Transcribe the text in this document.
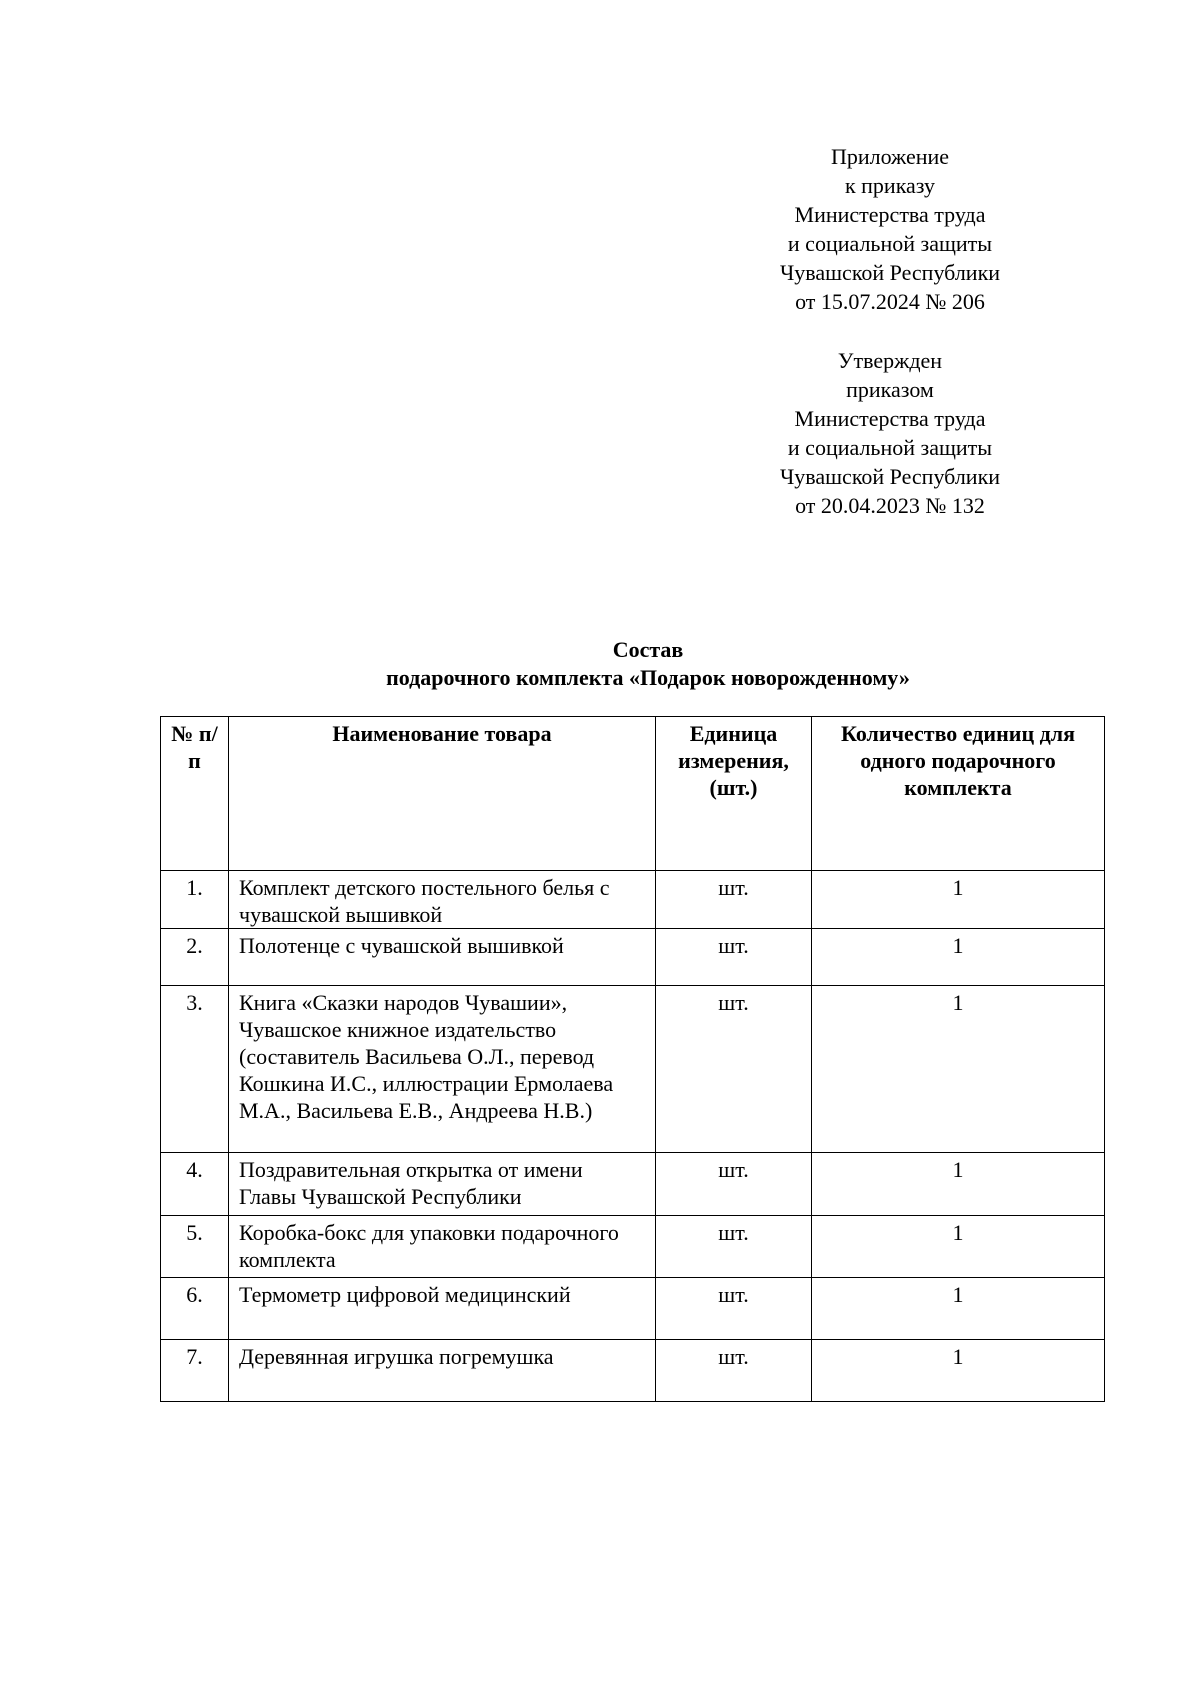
Приложение
к приказу
Министерства труда
и социальной защиты
Чувашской Республики
от 15.07.2024 № 206
Утвержден
приказом
Министерства труда
и социальной защиты
Чувашской Республики
от 20.04.2023 № 132
Состав
подарочного комплекта «Подарок новорожденному»
№ п/п	Наименование товара	Единица измерения, (шт.)	Количество единиц для одного подарочного комплекта
1.	Комплект детского постельного белья с чувашской вышивкой	шт.	1
2.	Полотенце с чувашской вышивкой	шт.	1
3.	Книга «Сказки народов Чувашии», Чувашское книжное издательство (составитель Васильева О.Л., перевод Кошкина И.С., иллюстрации Ермолаева М.А., Васильева Е.В., Андреева Н.В.)	шт.	1
4.	Поздравительная открытка от имени Главы Чувашской Республики	шт.	1
5.	Коробка-бокс для упаковки подарочного комплекта	шт.	1
6.	Термометр цифровой медицинский	шт.	1
7.	Деревянная игрушка погремушка	шт.	1
